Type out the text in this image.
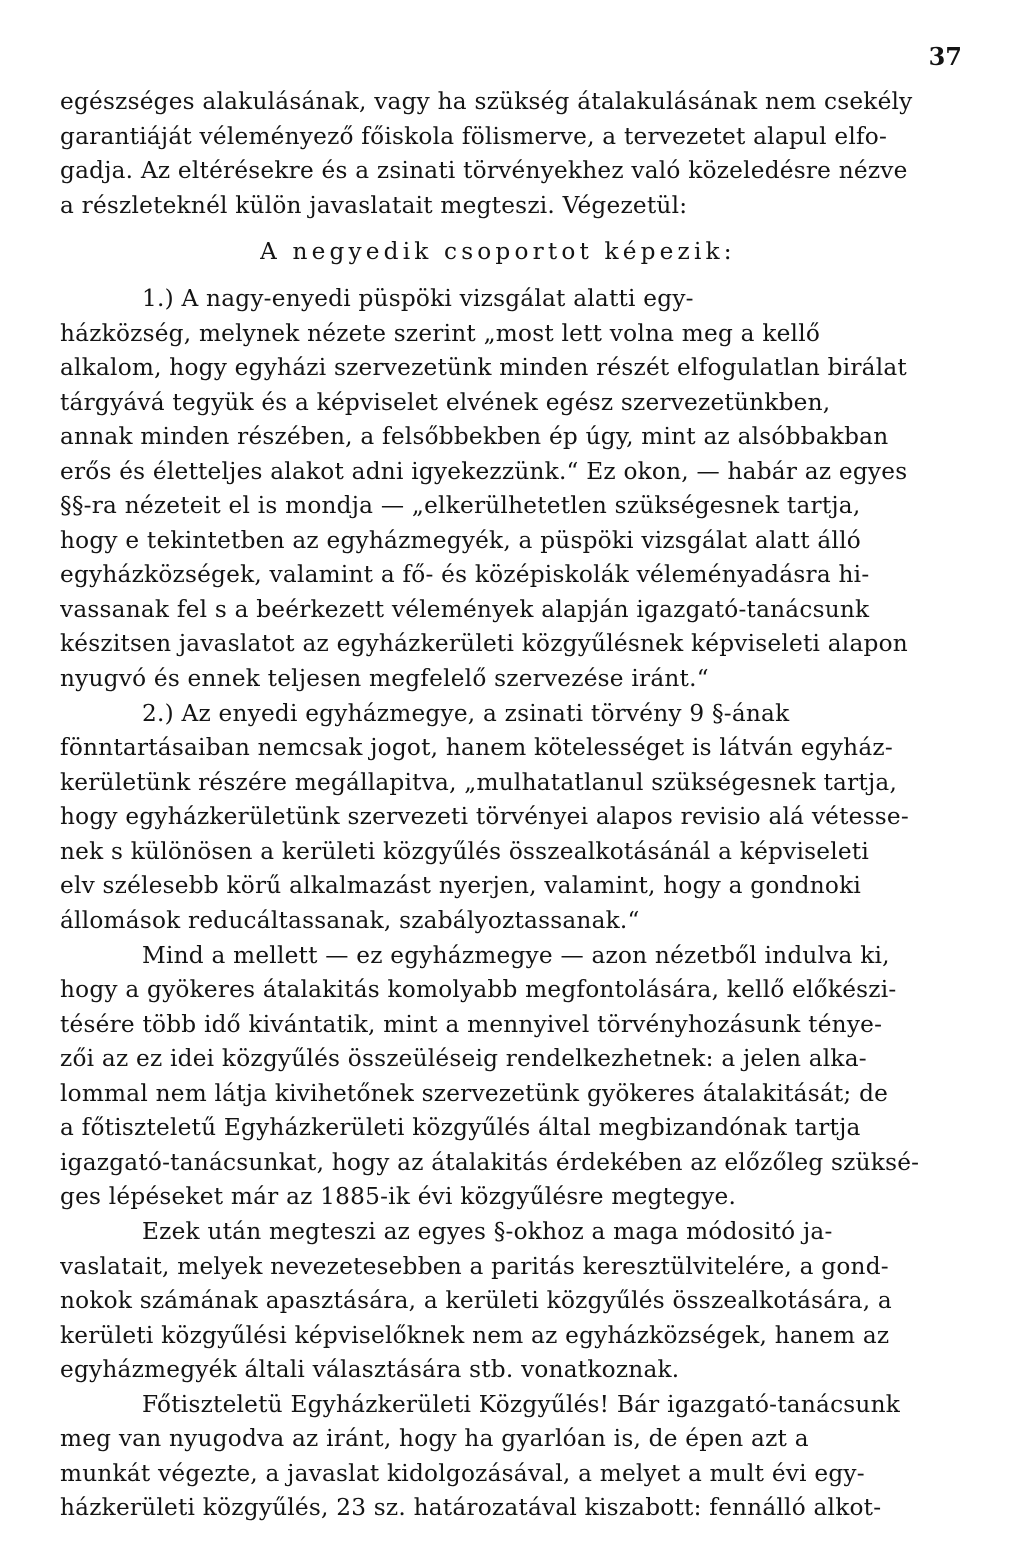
37
egészséges alakulásának, vagy ha szükség átalakulásának nem csekély
garantiáját véleményező főiskola fölismerve, a tervezetet alapul elfo-
gadja. Az eltérésekre és a zsinati törvényekhez való közeledésre nézve
a részleteknél külön javaslatait megteszi. Végezetül:
A negyedik csoportot képezik:
1.) A nagy-enyedi püspöki vizsgálat alatti egy-
házközség, melynek nézete szerint „most lett volna meg a kellő
alkalom, hogy egyházi szervezetünk minden részét elfogulatlan birálat
tárgyává tegyük és a képviselet elvének egész szervezetünkben,
annak minden részében, a felsőbbekben ép úgy, mint az alsóbbakban
erős és életteljes alakot adni igyekezzünk.“ Ez okon, — habár az egyes
§§-ra nézeteit el is mondja — „elkerülhetetlen szükségesnek tartja,
hogy e tekintetben az egyházmegyék, a püspöki vizsgálat alatt álló
egyházközségek, valamint a fő- és középiskolák véleményadásra hi-
vassanak fel s a beérkezett vélemények alapján igazgató-tanácsunk
készitsen javaslatot az egyházkerületi közgyűlésnek képviseleti alapon
nyugvó és ennek teljesen megfelelő szervezése iránt.“
2.) Az enyedi egyházmegye, a zsinati törvény 9 §-ának
fönntartásaiban nemcsak jogot, hanem kötelességet is látván egyház-
kerületünk részére megállapitva, „mulhatatlanul szükségesnek tartja,
hogy egyházkerületünk szervezeti törvényei alapos revisio alá vétesse-
nek s különösen a kerületi közgyűlés összealkotásánál a képviseleti
elv szélesebb körű alkalmazást nyerjen, valamint, hogy a gondnoki
állomások reducáltassanak, szabályoztassanak.“
Mind a mellett — ez egyházmegye — azon nézetből indulva ki,
hogy a gyökeres átalakitás komolyabb megfontolására, kellő előkészi-
tésére több idő kivántatik, mint a mennyivel törvényhozásunk ténye-
zői az ez idei közgyűlés összeüléseig rendelkezhetnek: a jelen alka-
lommal nem látja kivihetőnek szervezetünk gyökeres átalakitását; de
a főtiszteletű Egyházkerületi közgyűlés által megbizandónak tartja
igazgató-tanácsunkat, hogy az átalakitás érdekében az előzőleg szüksé-
ges lépéseket már az 1885-ik évi közgyűlésre megtegye.
Ezek után megteszi az egyes §-okhoz a maga módositó ja-
vaslatait, melyek nevezetesebben a paritás keresztülvitelére, a gond-
nokok számának apasztására, a kerületi közgyűlés összealkotására, a
kerületi közgyűlési képviselőknek nem az egyházközségek, hanem az
egyházmegyék általi választására stb. vonatkoznak.
Főtiszteletü Egyházkerületi Közgyűlés! Bár igazgató-tanácsunk
meg van nyugodva az iránt, hogy ha gyarlóan is, de épen azt a
munkát végezte, a javaslat kidolgozásával, a melyet a mult évi egy-
házkerületi közgyűlés, 23 sz. határozatával kiszabott: fennálló alkot-
